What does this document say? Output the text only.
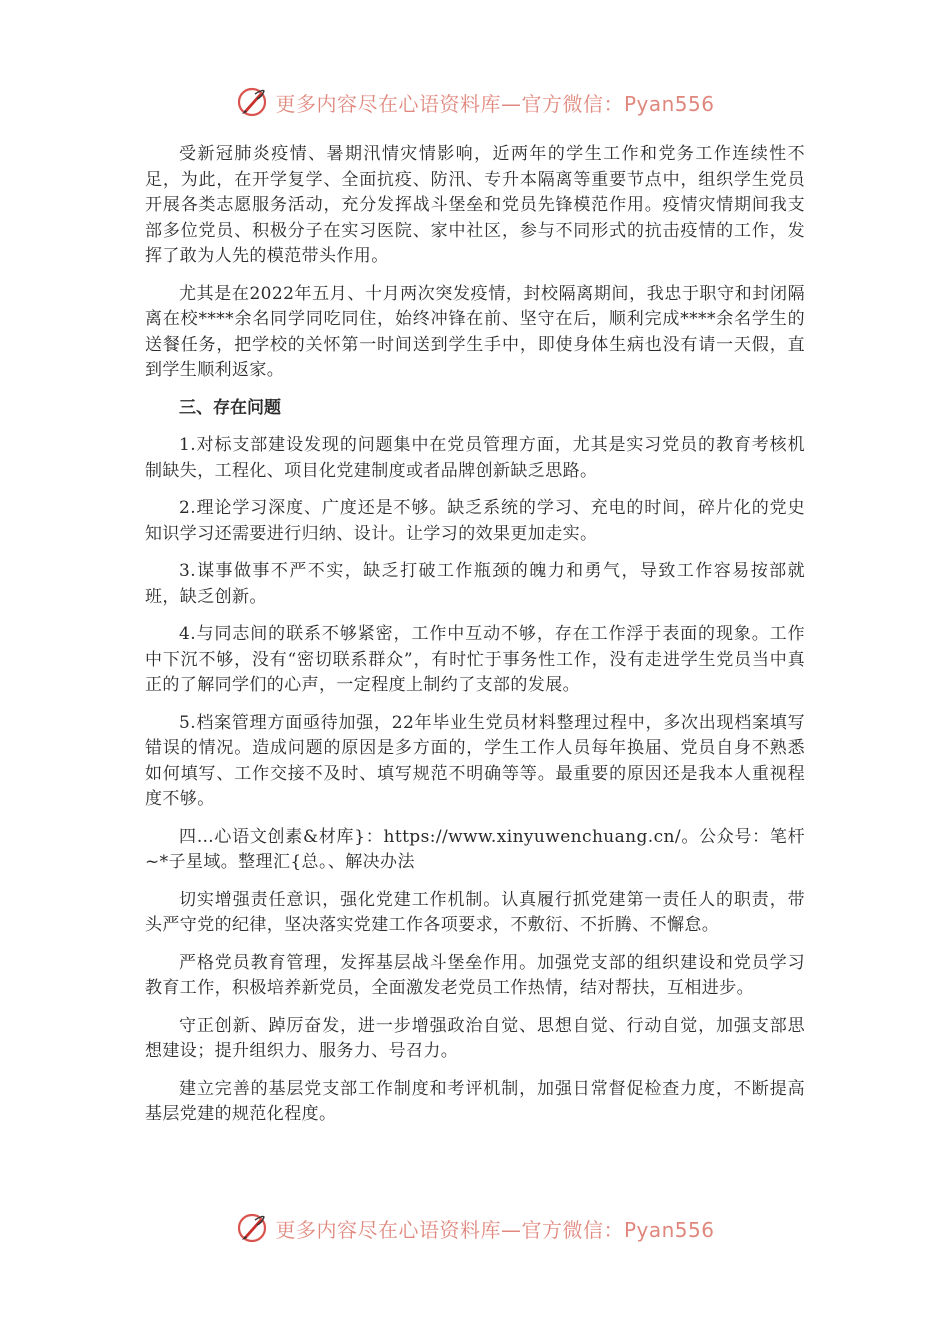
更多内容尽在心语资料库—官方微信：Pyan556

受新冠肺炎疫情、暑期汛情灾情影响，近两年的学生工作和党务工作连续性不足，为此，在开学复学、全面抗疫、防汛、专升本隔离等重要节点中，组织学生党员开展各类志愿服务活动，充分发挥战斗堡垒和党员先锋模范作用。疫情灾情期间我支部多位党员、积极分子在实习医院、家中社区，参与不同形式的抗击疫情的工作，发挥了敢为人先的模范带头作用。

尤其是在2022年五月、十月两次突发疫情，封校隔离期间，我忠于职守和封闭隔离在校****余名同学同吃同住，始终冲锋在前、坚守在后，顺利完成****余名学生的送餐任务，把学校的关怀第一时间送到学生手中，即使身体生病也没有请一天假，直到学生顺利返家。

三、存在问题

1.对标支部建设发现的问题集中在党员管理方面，尤其是实习党员的教育考核机制缺失，工程化、项目化党建制度或者品牌创新缺乏思路。

2.理论学习深度、广度还是不够。缺乏系统的学习、充电的时间，碎片化的党史知识学习还需要进行归纳、设计。让学习的效果更加走实。

3.谋事做事不严不实，缺乏打破工作瓶颈的魄力和勇气，导致工作容易按部就班，缺乏创新。

4.与同志间的联系不够紧密，工作中互动不够，存在工作浮于表面的现象。工作中下沉不够，没有“密切联系群众”，有时忙于事务性工作，没有走进学生党员当中真正的了解同学们的心声，一定程度上制约了支部的发展。

5.档案管理方面亟待加强，22年毕业生党员材料整理过程中，多次出现档案填写错误的情况。造成问题的原因是多方面的，学生工作人员每年换届、党员自身不熟悉如何填写、工作交接不及时、填写规范不明确等等。最重要的原因还是我本人重视程度不够。

四…心语文创素&材库}：https://www.xinyuwenchuang.cn/。公众号：笔杆~*子星域。整理汇{总。、解决办法

切实增强责任意识，强化党建工作机制。认真履行抓党建第一责任人的职责，带头严守党的纪律，坚决落实党建工作各项要求，不敷衍、不折腾、不懈怠。

严格党员教育管理，发挥基层战斗堡垒作用。加强党支部的组织建设和党员学习教育工作，积极培养新党员，全面激发老党员工作热情，结对帮扶，互相进步。

守正创新、踔厉奋发，进一步增强政治自觉、思想自觉、行动自觉，加强支部思想建设；提升组织力、服务力、号召力。

建立完善的基层党支部工作制度和考评机制，加强日常督促检查力度，不断提高基层党建的规范化程度。

更多内容尽在心语资料库—官方微信：Pyan556
